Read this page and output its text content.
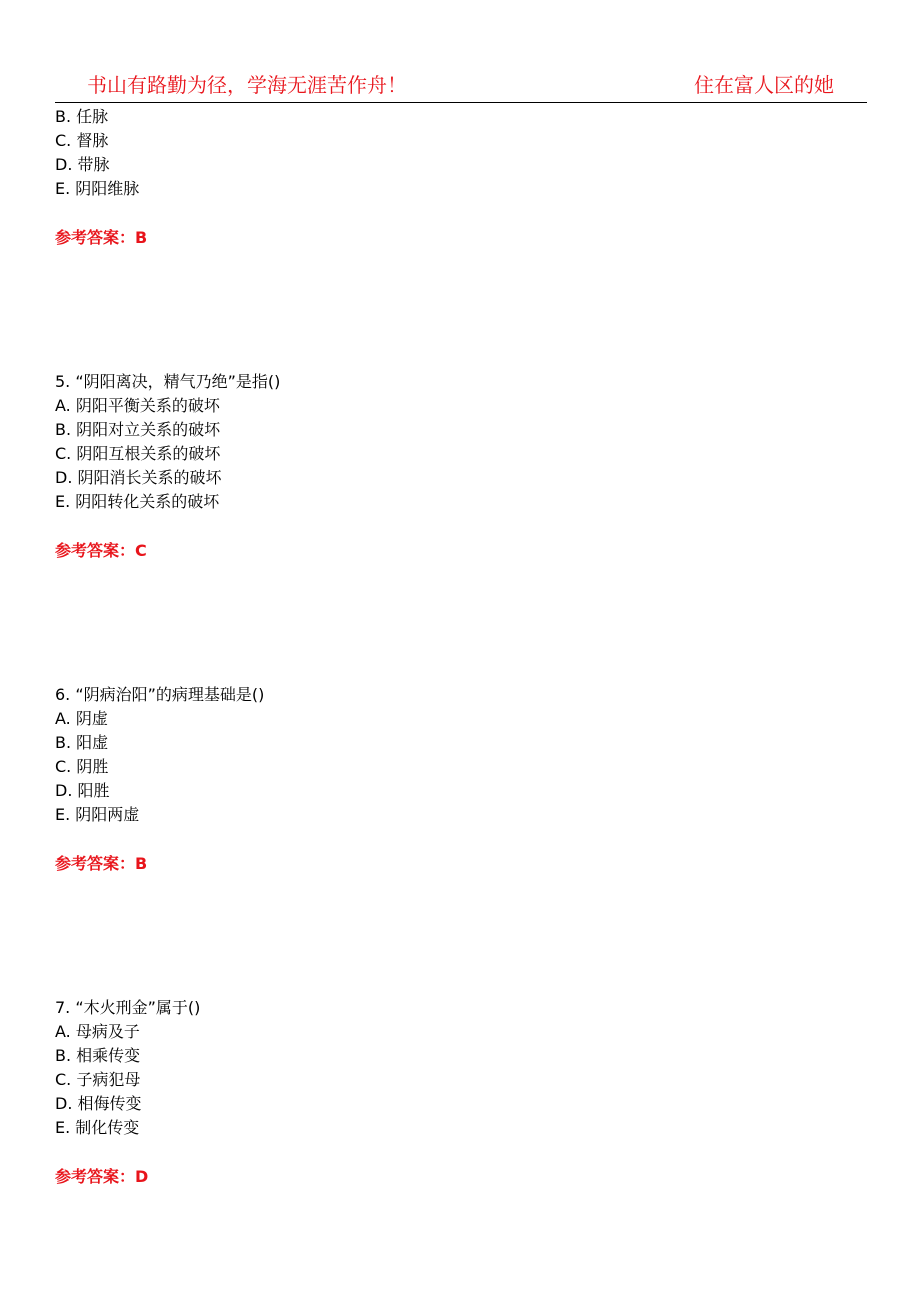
书山有路勤为径，学海无涯苦作舟！	住在富人区的她
B. 任脉
C. 督脉
D. 带脉
E. 阴阳维脉
参考答案：B
5. “阴阳离决，精气乃绝”是指()
A. 阴阳平衡关系的破坏
B. 阴阳对立关系的破坏
C. 阴阳互根关系的破坏
D. 阴阳消长关系的破坏
E. 阴阳转化关系的破坏
参考答案：C
6. “阴病治阳”的病理基础是()
A. 阴虚
B. 阳虚
C. 阴胜
D. 阳胜
E. 阴阳两虚
参考答案：B
7. “木火刑金”属于()
A. 母病及子
B. 相乘传变
C. 子病犯母
D. 相侮传变
E. 制化传变
参考答案：D
